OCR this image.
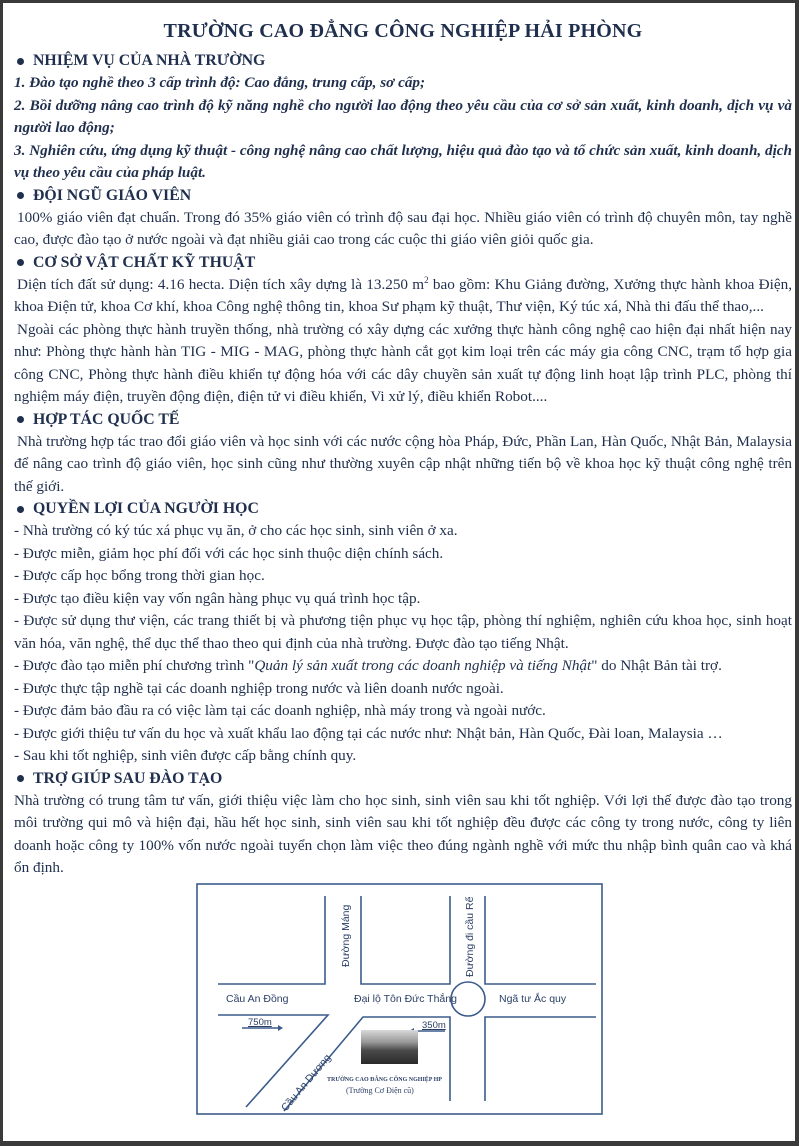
TRƯỜNG CAO ĐẲNG CÔNG NGHIỆP HẢI PHÒNG
NHIỆM VỤ CỦA NHÀ TRƯỜNG

1. Đào tạo nghề theo 3 cấp trình độ: Cao đẳng, trung cấp, sơ cấp;

2. Bồi dưỡng nâng cao trình độ kỹ năng nghề cho người lao động theo yêu cầu của cơ sở sản xuất, kinh doanh, dịch vụ và người lao động;

3. Nghiên cứu, ứng dụng kỹ thuật - công nghệ nâng cao chất lượng, hiệu quả đào tạo và tổ chức sản xuất, kinh doanh, dịch vụ theo yêu cầu của pháp luật.

ĐỘI NGŨ GIÁO VIÊN

100% giáo viên đạt chuẩn. Trong đó 35% giáo viên có trình độ sau đại học. Nhiều giáo viên có trình độ chuyên môn, tay nghề cao, được đào tạo ở nước ngoài và đạt nhiều giải cao trong các cuộc thi giáo viên giỏi quốc gia.

CƠ SỞ VẬT CHẤT KỸ THUẬT

Diện tích đất sử dụng: 4.16 hecta. Diện tích xây dựng là 13.250 $m^2$ bao gồm: Khu Giảng đường, Xưởng thực hành khoa Điện, khoa Điện tử, khoa Cơ khí, khoa Công nghệ thông tin, khoa Sư phạm kỹ thuật, Thư viện, Ký túc xá, Nhà thi đấu thể thao,...

Ngoài các phòng thực hành truyền thống, nhà trường có xây dựng các xưởng thực hành công nghệ cao hiện đại nhất hiện nay như: Phòng thực hành hàn TIG - MIG - MAG, phòng thực hành cắt gọt kim loại trên các máy gia công CNC, trạm tổ hợp gia công CNC, Phòng thực hành điều khiển tự động hóa với các dây chuyền sản xuất tự động linh hoạt lập trình PLC, phòng thí nghiệm máy điện, truyền động điện, điện tử vi điều khiển, Vi xử lý, điều khiển Robot....

HỢP TÁC QUỐC TẾ

Nhà trường hợp tác trao đổi giáo viên và học sinh với các nước cộng hòa Pháp, Đức, Phần Lan, Hàn Quốc, Nhật Bản, Malaysia để nâng cao trình độ giáo viên, học sinh cũng như thường xuyên cập nhật những tiến bộ về khoa học kỹ thuật công nghệ trên thế giới.

QUYỀN LỢI CỦA NGƯỜI HỌC

- Nhà trường có ký túc xá phục vụ ăn, ở cho các học sinh, sinh viên ở xa.

- Được miễn, giảm học phí đối với các học sinh thuộc diện chính sách.

- Được cấp học bổng trong thời gian học.

- Được tạo điều kiện vay vốn ngân hàng phục vụ quá trình học tập.

- Được sử dụng thư viện, các trang thiết bị và phương tiện phục vụ học tập, phòng thí nghiệm, nghiên cứu khoa học, sinh hoạt văn hóa, văn nghệ, thể dục thể thao theo qui định của nhà trường. Được đào tạo tiếng Nhật.

- Được đào tạo miễn phí chương trình "Quản lý sản xuất trong các doanh nghiệp và tiếng Nhật" do Nhật Bản tài trợ.

- Được thực tập nghề tại các doanh nghiệp trong nước và liên doanh nước ngoài.

- Được đảm bảo đầu ra có việc làm tại các doanh nghiệp, nhà máy trong và ngoài nước.

- Được giới thiệu tư vấn du học và xuất khẩu lao động tại các nước như: Nhật bản, Hàn Quốc, Đài loan, Malaysia …

- Sau khi tốt nghiệp, sinh viên được cấp bằng chính quy.

TRỢ GIÚP SAU ĐÀO TẠO

Nhà trường có trung tâm tư vấn, giới thiệu việc làm cho học sinh, sinh viên sau khi tốt nghiệp. Với lợi thế được đào tạo trong môi trường qui mô và hiện đại, hầu hết học sinh, sinh viên sau khi tốt nghiệp đều được các công ty trong nước, công ty liên doanh hoặc công ty 100% vốn nước ngoài tuyển chọn làm việc theo đúng ngành nghề với mức thu nhập bình quân cao và khá ổn định.

Đường Máng	Đường đi cầu Rế
Cầu An Đồng	Đại lộ Tôn Đức Thắng	Ngã tư Ắc quy
Cầu An Dương
750m	350m
TRƯỜNG CAO ĐẲNG CÔNG NGHIỆP HP
(Trường Cơ Điện cũ)
